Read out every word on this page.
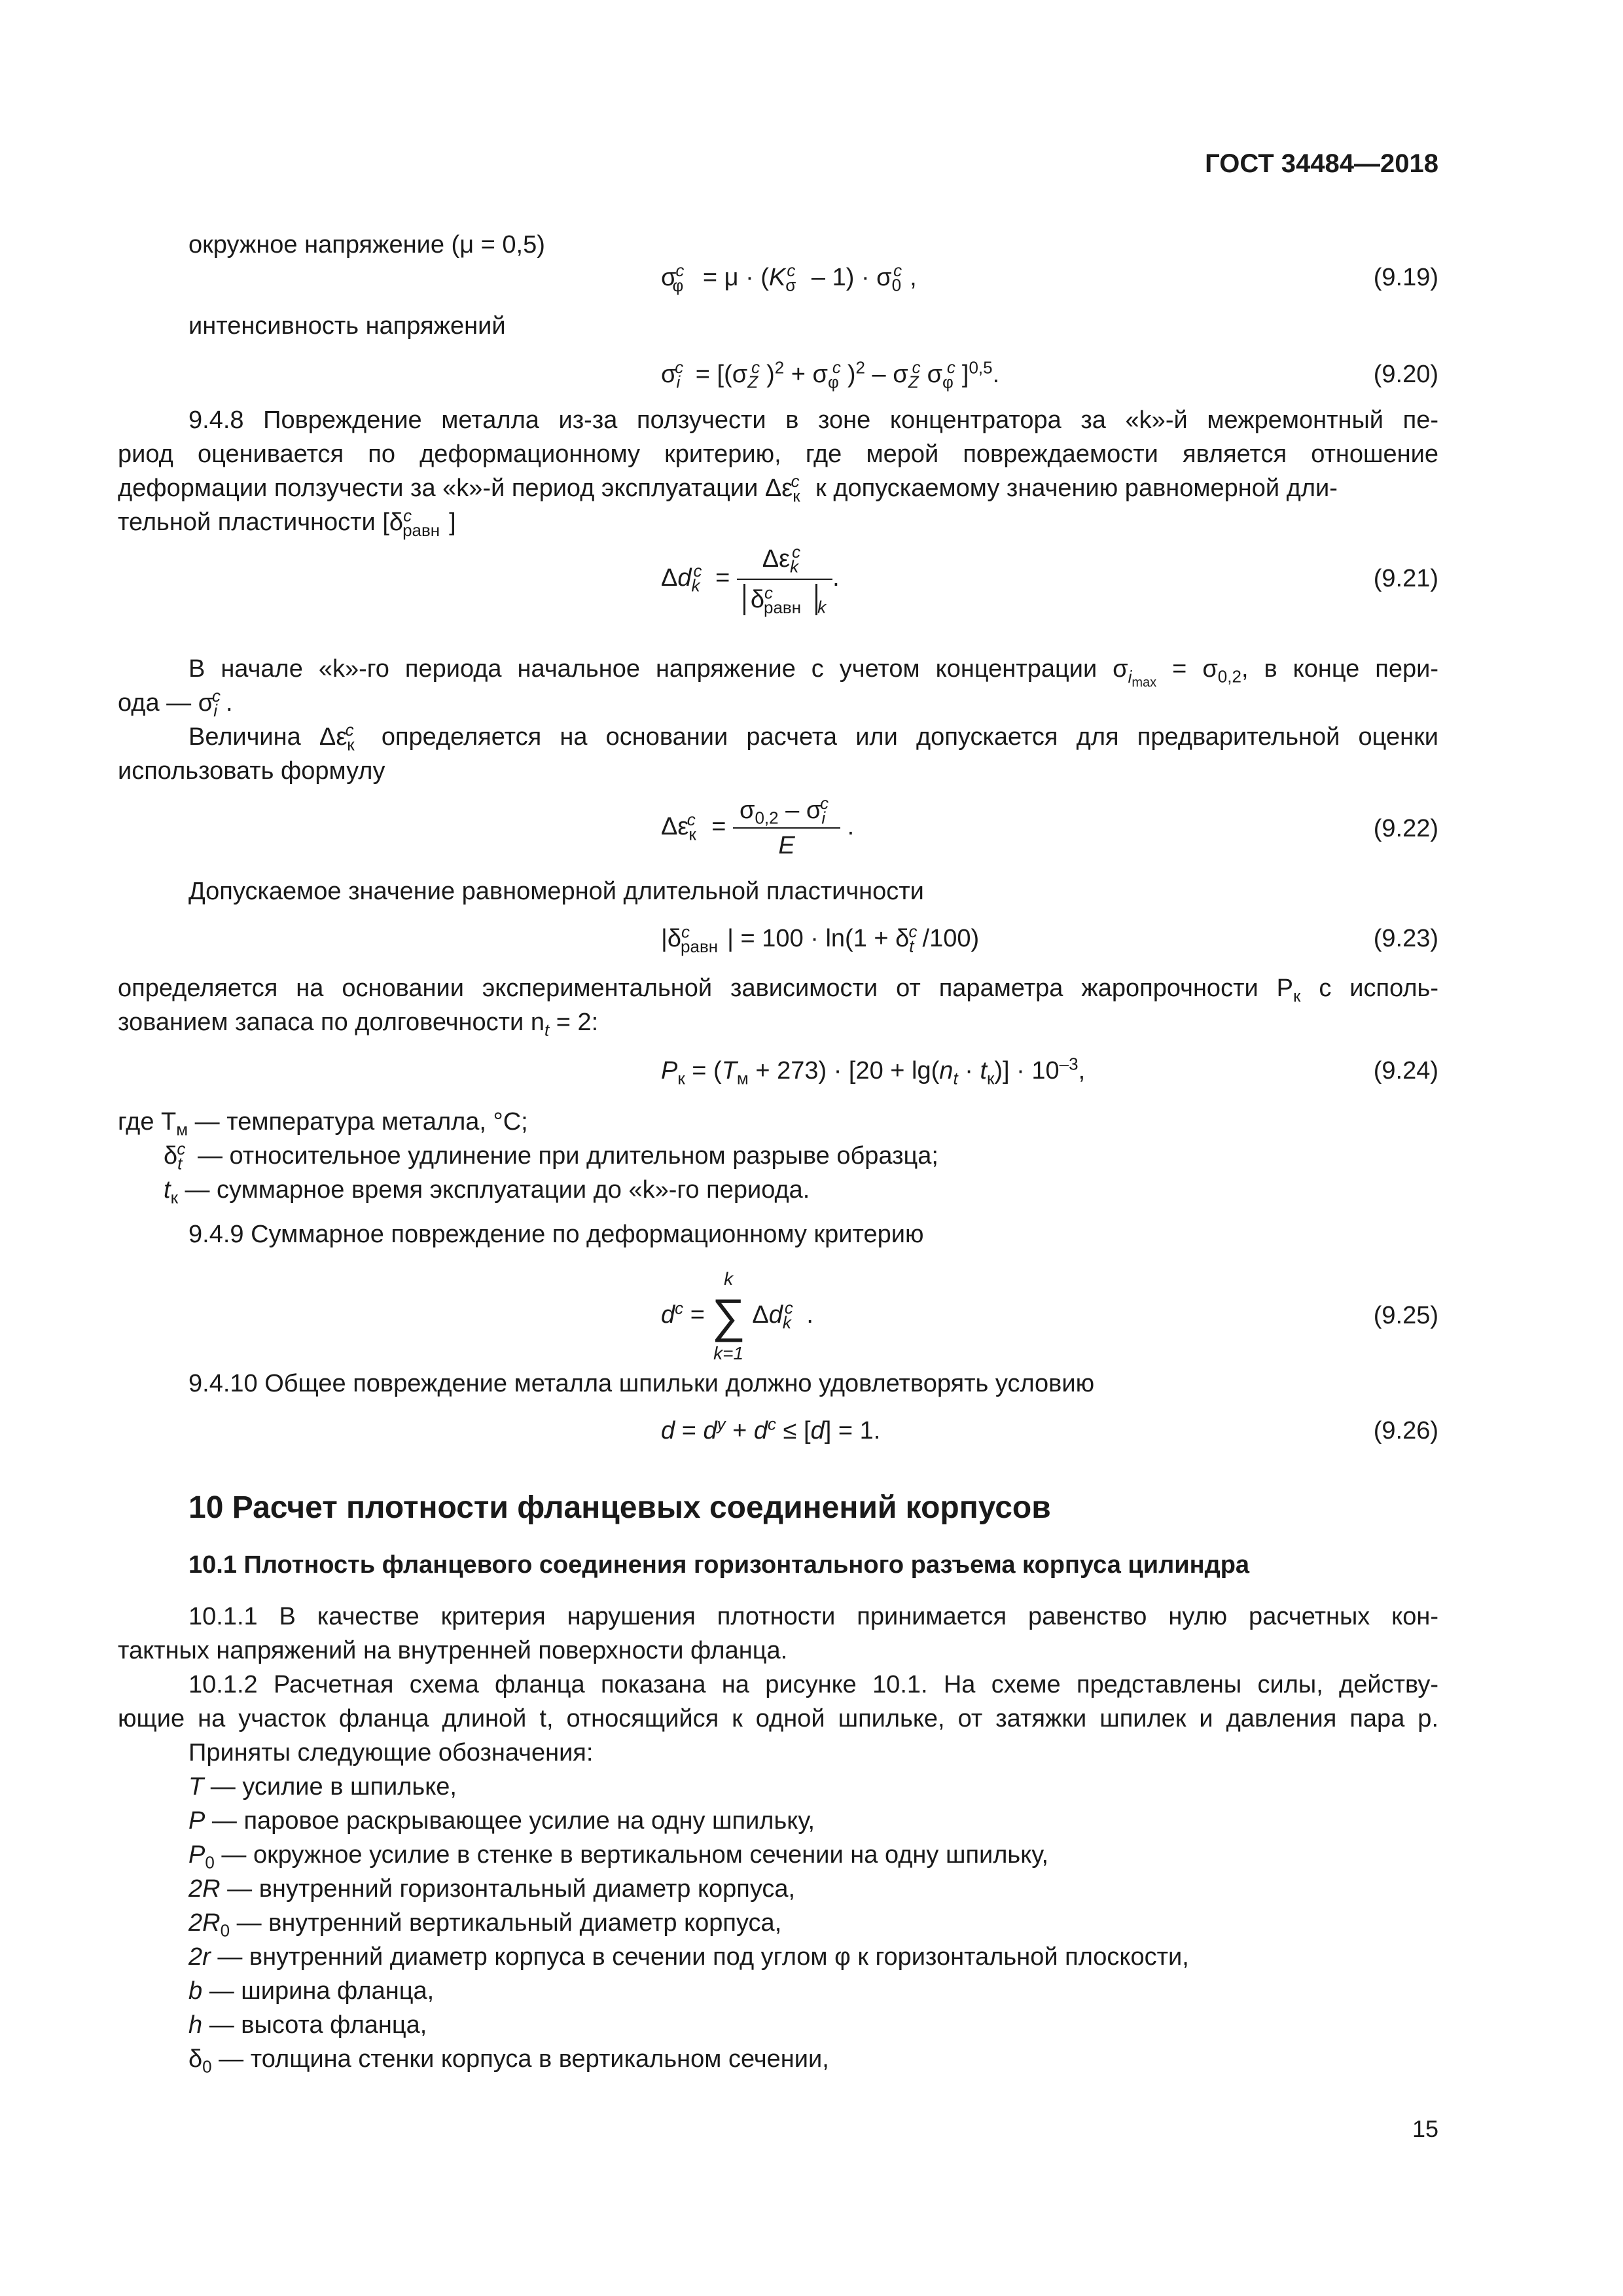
ГОСТ 34484—2018
окружное напряжение (μ = 0,5)
$\sigma_\varphi^c = \mu \cdot (K_\sigma^c - 1) \cdot \sigma_0^c$ ,	(9.19)
интенсивность напряжений
$\sigma_i^c = [(\sigma_Z^c$ )$^2 + \sigma_\varphi^c$ )$^2 - \sigma_Z^c$ $\sigma_\varphi^c$ ]$^{0,5}$.	(9.20)
9.4.8 Повреждение металла из-за ползучести в зоне концентратора за «k»-й межремонтный пе-
риод оценивается по деформационному критерию, где мерой повреждаемости является отношение
деформации ползучести за «k»-й период эксплуатации $\Delta\varepsilon_к^c$ к допускаемому значению равномерной дли-
тельной пластичности [$\delta^c_{равн}$ ]
$\Delta d_k^c = \frac{\Delta\varepsilon_k^c}{\delta^c_{равн} _k}$ .	(9.21)
В начале «k»-го периода начальное напряжение с учетом концентрации $\sigma_{i_{max}} = \sigma_{0,2}$, в конце пери-
ода — $\sigma_i^c$ .
Величина $\Delta\varepsilon_к^c$ определяется на основании расчета или допускается для предварительной оценки
использовать формулу
$\Delta\varepsilon_к^c = \frac{\sigma_{0,2} - \sigma_i^c}{E}$ .	(9.22)
Допускаемое значение равномерной длительной пластичности
$|\delta^c_{равн}$ | = $100 \cdot \ln(1 + \delta_t^c$ /100)	(9.23)
определяется на основании экспериментальной зависимости от параметра жаропрочности $P_к$ с исполь-
зованием запаса по долговечности $n_t = 2$:
$P_к = (T_м + 273) \cdot [20 + \lg(n_t \cdot t_к)] \cdot 10^{-3}$,	(9.24)
где $T_м$ — температура металла, °C;
$\delta_t^c$ — относительное удлинение при длительном разрыве образца;
$t_к$ — суммарное время эксплуатации до «k»-го периода.
9.4.9 Суммарное повреждение по деформационному критерию
$d^c$ =
k
∑
k=1
$\Delta d_k^c$ .	(9.25)
9.4.10 Общее повреждение металла шпильки должно удовлетворять условию
$d = d^y + d^c \le [d] = 1$.	(9.26)
10 Расчет плотности фланцевых соединений корпусов
10.1 Плотность фланцевого соединения горизонтального разъема корпуса цилиндра
10.1.1 В качестве критерия нарушения плотности принимается равенство нулю расчетных кон-
тактных напряжений на внутренней поверхности фланца.
10.1.2 Расчетная схема фланца показана на рисунке 10.1. На схеме представлены силы, действу-
ющие на участок фланца длиной t, относящийся к одной шпильке, от затяжки шпилек и давления пара p.
Приняты следующие обозначения:
T — усилие в шпильке,
P — паровое раскрывающее усилие на одну шпильку,
$P_0$ — окружное усилие в стенке в вертикальном сечении на одну шпильку,
2R — внутренний горизонтальный диаметр корпуса,
$2R_0$ — внутренний вертикальный диаметр корпуса,
2r — внутренний диаметр корпуса в сечении под углом φ к горизонтальной плоскости,
b — ширина фланца,
h — высота фланца,
$\delta_0$ — толщина стенки корпуса в вертикальном сечении,
15
